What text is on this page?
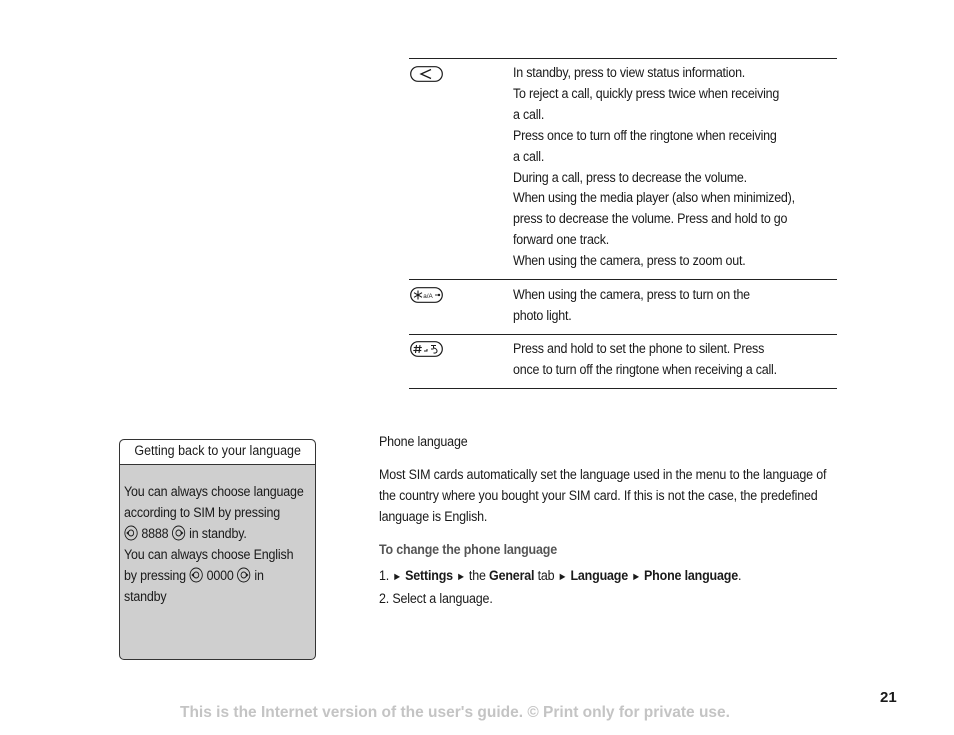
In standby, press to view status information.
To reject a call, quickly press twice when receiving
a call.
Press once to turn off the ringtone when receiving
a call.
During a call, press to decrease the volume.
When using the media player (also when minimized),
press to decrease the volume. Press and hold to go
forward one track.
When using the camera, press to zoom out.
a/A	When using the camera, press to turn on the
photo light.
Press and hold to set the phone to silent. Press
once to turn off the ringtone when receiving a call.
Getting back to your language
You can always choose language
according to SIM by pressing
8888 in standby.
You can always choose English
by pressing 0000 in
standby
Phone language
Most SIM cards automatically set the language used in the menu to the language of
the country where you bought your SIM card. If this is not the case, the predefined
language is English.
To change the phone language
1. ► Settings ► the General tab ► Language ► Phone language.
2. Select a language.
21
This is the Internet version of the user's guide. © Print only for private use.
